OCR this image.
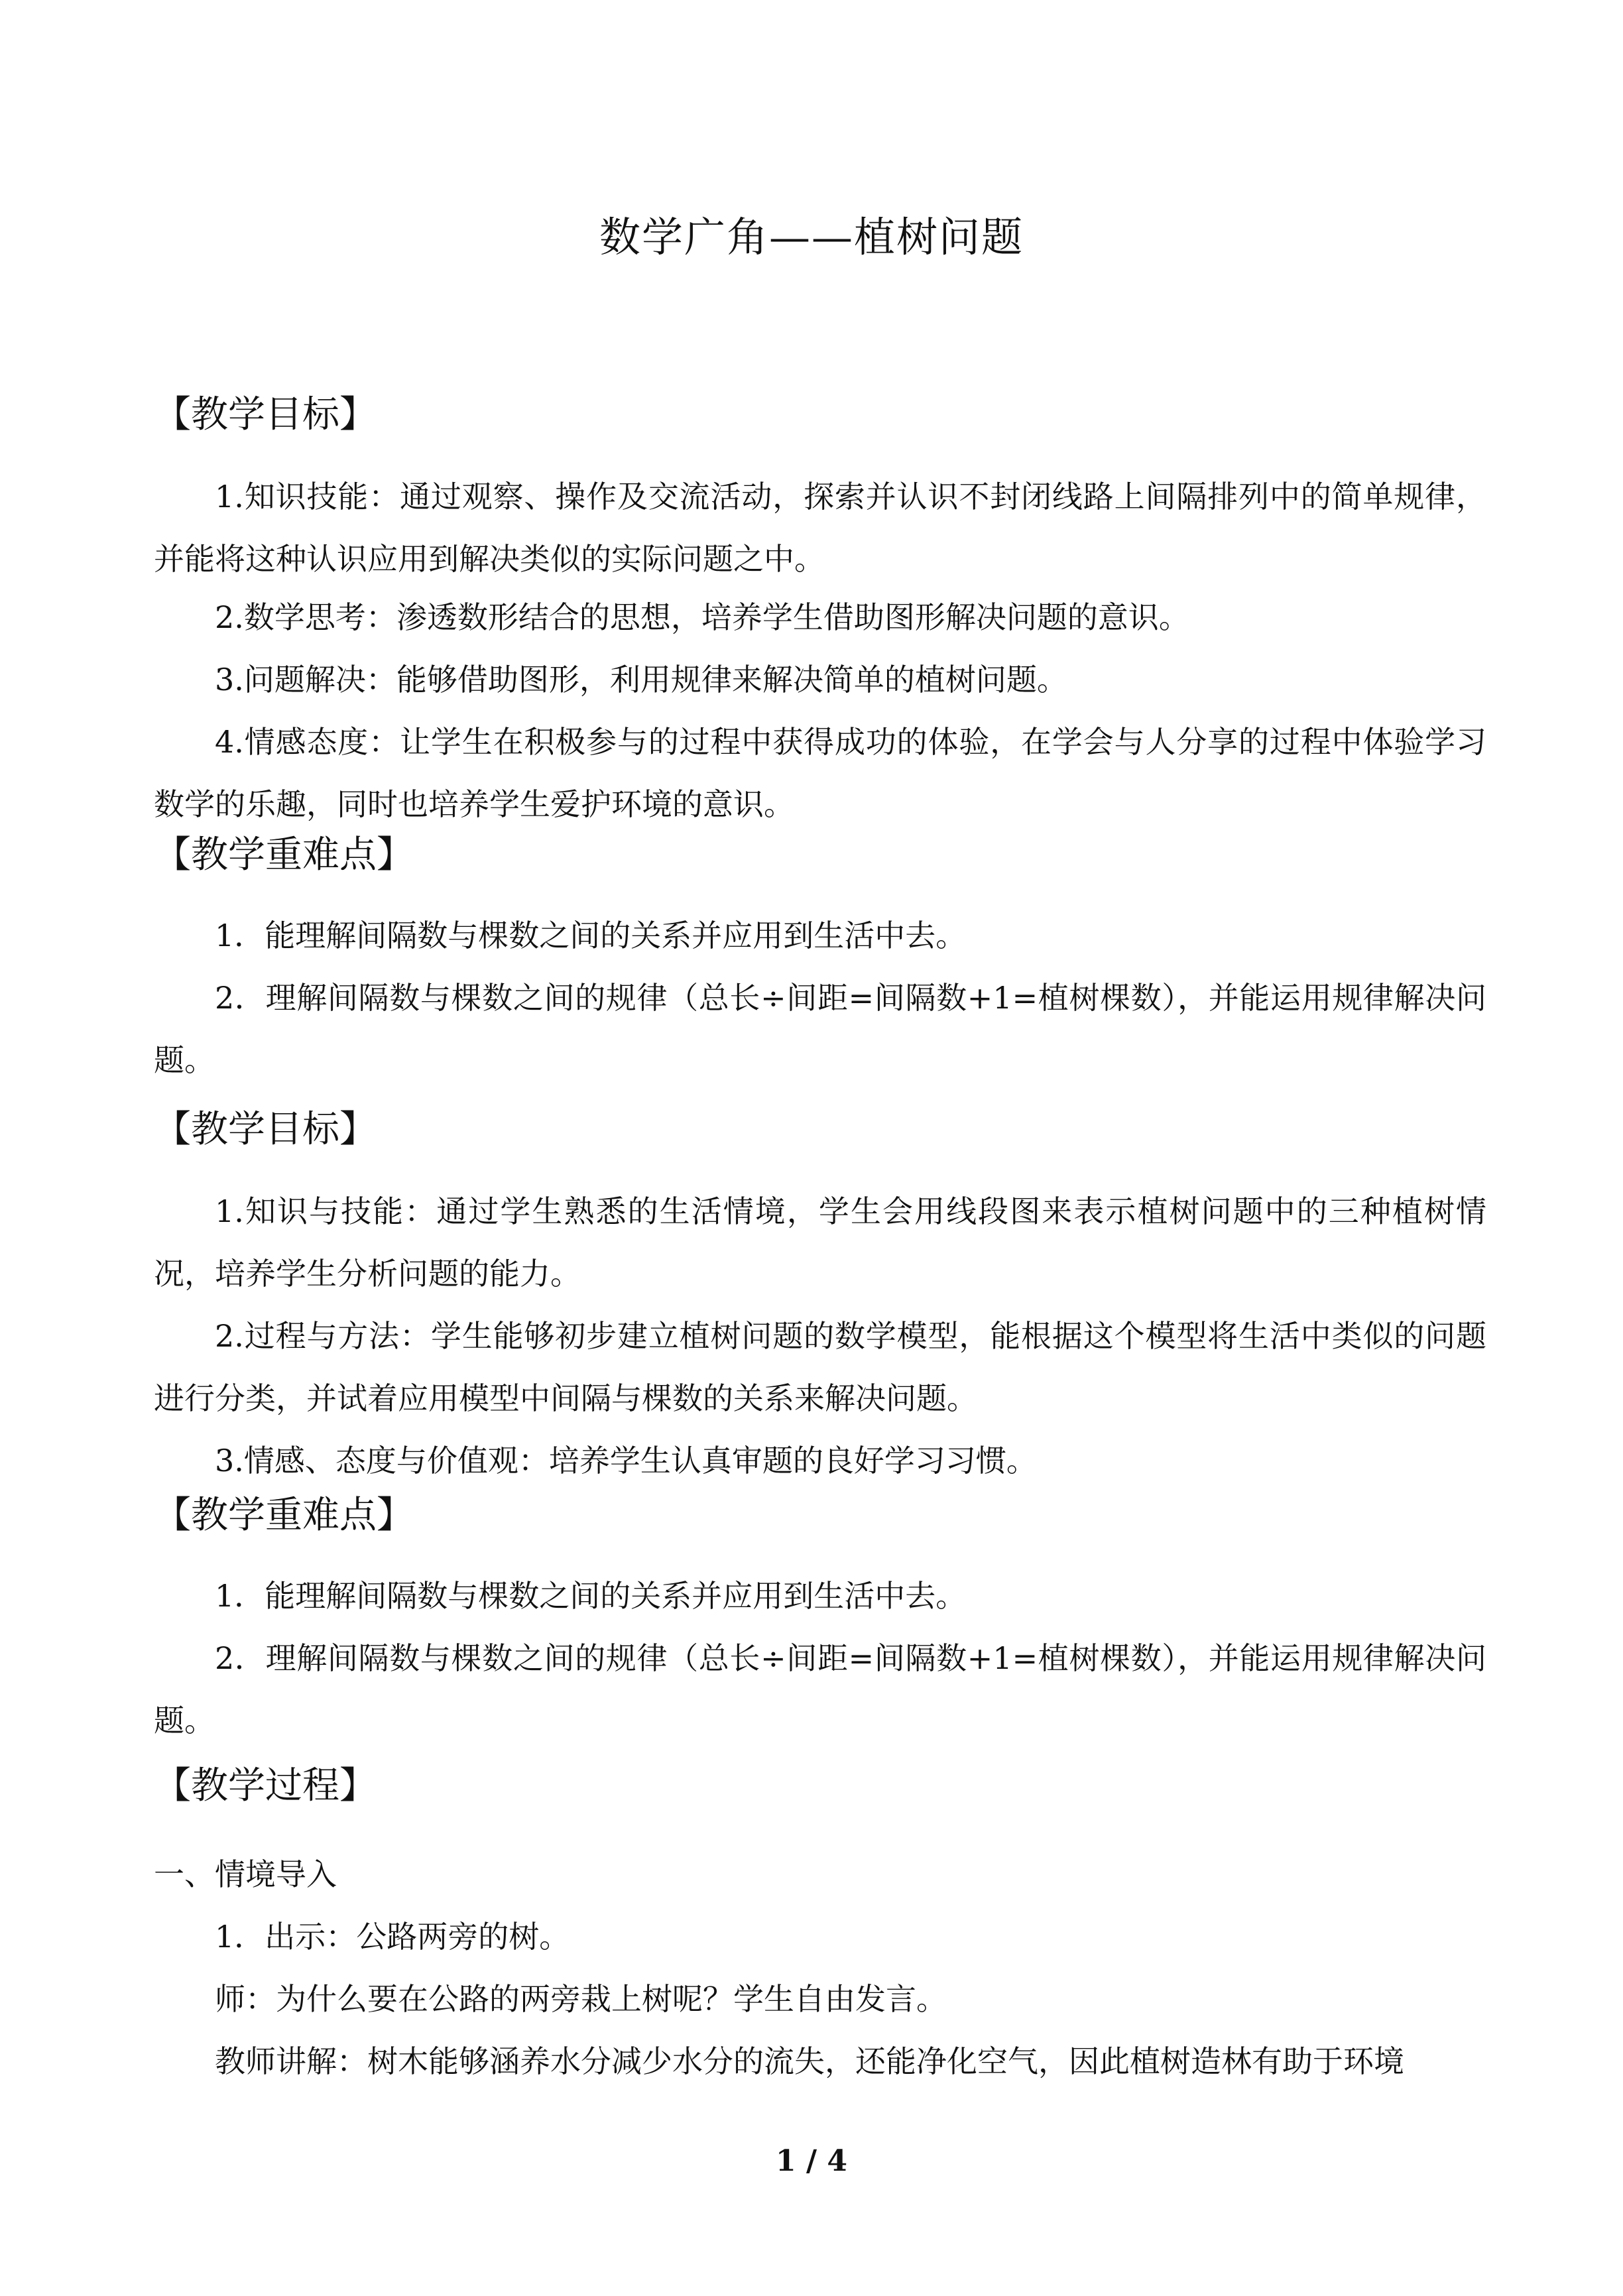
数学广角——植树问题
【教学目标】
1.知识技能：通过观察、操作及交流活动，探索并认识不封闭线路上间隔排列中的简单规律，并能将这种认识应用到解决类似的实际问题之中。
2.数学思考：渗透数形结合的思想，培养学生借助图形解决问题的意识。
3.问题解决：能够借助图形，利用规律来解决简单的植树问题。
4.情感态度：让学生在积极参与的过程中获得成功的体验，在学会与人分享的过程中体验学习数学的乐趣，同时也培养学生爱护环境的意识。
【教学重难点】
1．能理解间隔数与棵数之间的关系并应用到生活中去。
2．理解间隔数与棵数之间的规律（总长÷间距=间隔数+1=植树棵数），并能运用规律解决问题。
【教学目标】
1.知识与技能：通过学生熟悉的生活情境，学生会用线段图来表示植树问题中的三种植树情况，培养学生分析问题的能力。
2.过程与方法：学生能够初步建立植树问题的数学模型，能根据这个模型将生活中类似的问题进行分类，并试着应用模型中间隔与棵数的关系来解决问题。
3.情感、态度与价值观：培养学生认真审题的良好学习习惯。
【教学重难点】
1．能理解间隔数与棵数之间的关系并应用到生活中去。
2．理解间隔数与棵数之间的规律（总长÷间距=间隔数+1=植树棵数），并能运用规律解决问题。
【教学过程】
一、情境导入
1．出示：公路两旁的树。
师：为什么要在公路的两旁栽上树呢？学生自由发言。
教师讲解：树木能够涵养水分减少水分的流失，还能净化空气，因此植树造林有助于环境
1 / 4
